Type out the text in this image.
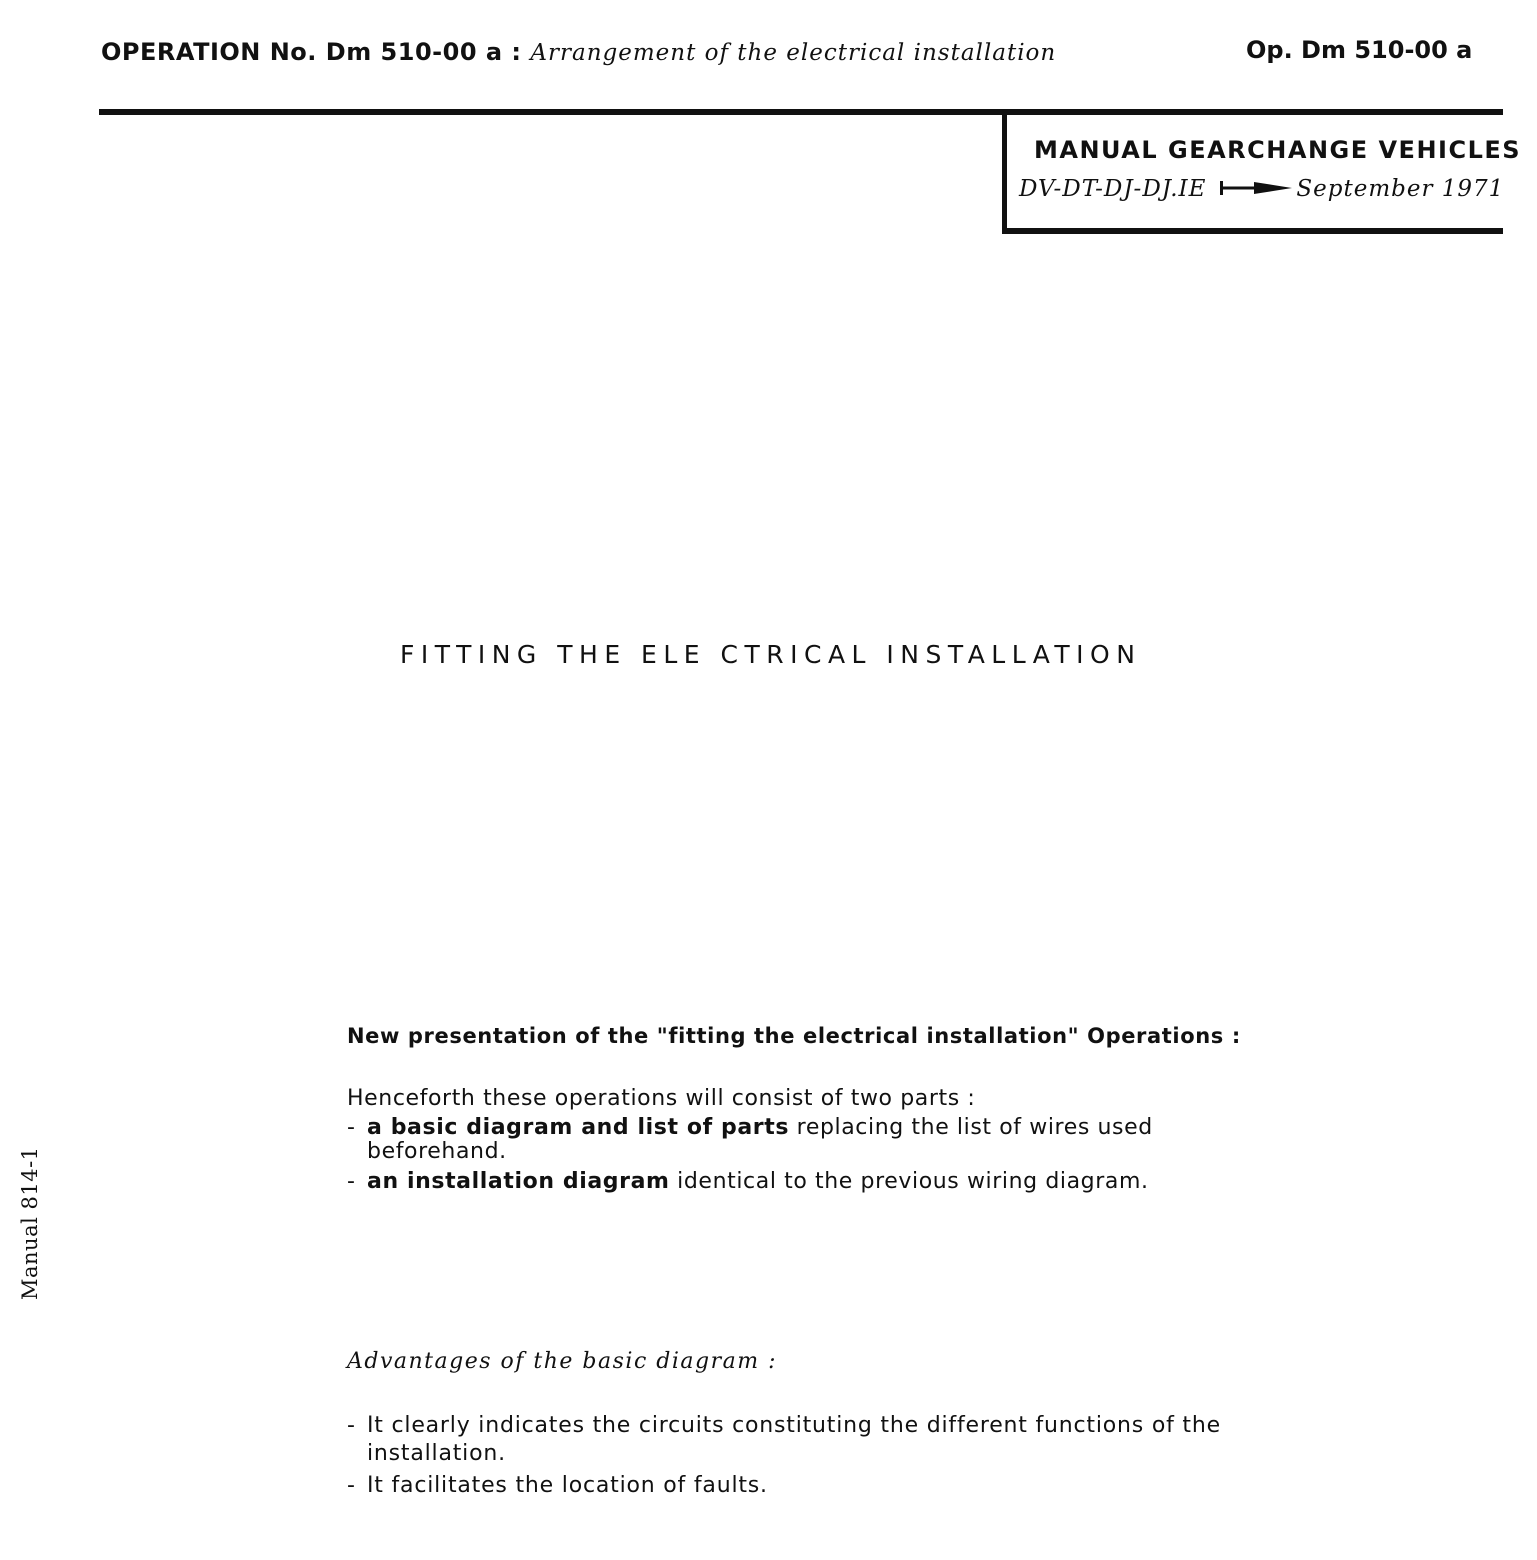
OPERATION No. Dm 510-00 a : Arrangement of the electrical installation	Op. Dm 510-00 a
MANUAL GEARCHANGE VEHICLES
DV-DT-DJ-DJ.IE	September 1971
FITTING THE ELE CTRICAL INSTALLATION
New presentation of the "fitting the electrical installation" Operations :
Henceforth these operations will consist of two parts :
- a basic diagram and list of parts replacing the list of wires used
beforehand.
- an installation diagram identical to the previous wiring diagram.
Advantages of the basic diagram :
- It clearly indicates the circuits constituting the different functions of the
installation.
- It facilitates the location of faults.
Manual 814-1
